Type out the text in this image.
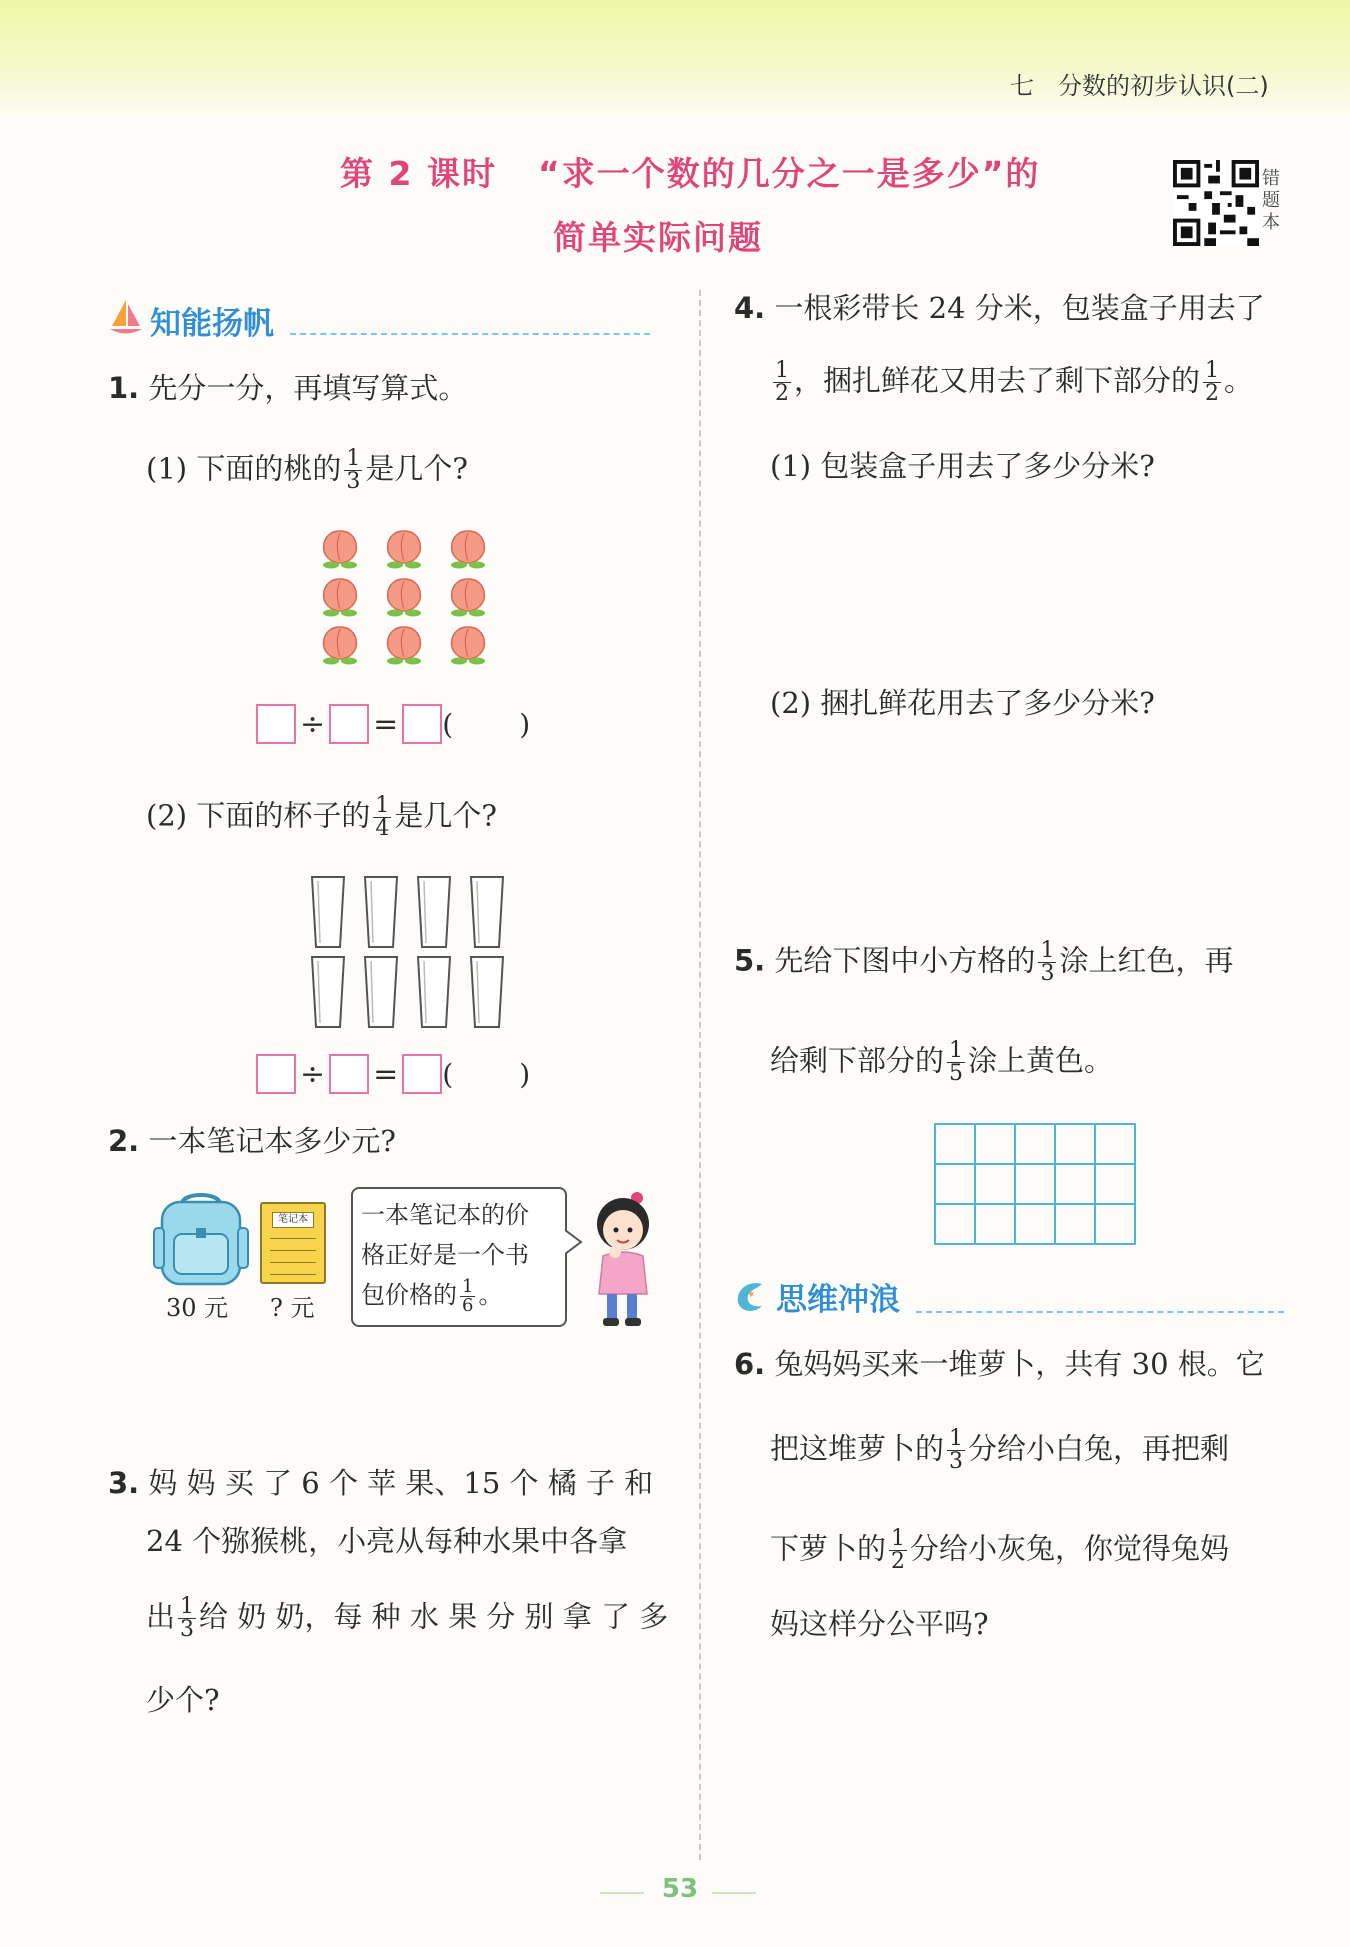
七　分数的初步认识(二)
第 2 课时 “求一个数的几分之一是多少”的
简单实际问题
错题本
知能扬帆
1. 先分一分，再填写算式。
(1) 下面的桃的 $\frac{1}{3}$ 是几个?
÷ = ( )
(2) 下面的杯子的 $\frac{1}{4}$ 是几个?
÷ = ( )
2. 一本笔记本多少元?
笔记本
30 元 ? 元
一本笔记本的价
格正好是一个书
包价格的 $\frac{1}{6}$ 。
3. 妈 妈 买 了 6 个 苹 果、15 个 橘 子 和
24 个猕猴桃，小亮从每种水果中各拿
出 $\frac{1}{3}$ 给 奶 奶，每 种 水 果 分 别 拿 了 多
少个?
4. 一根彩带长 24 分米，包装盒子用去了
$\frac{1}{2}$ ，捆扎鲜花又用去了剩下部分的 $\frac{1}{2}$ 。
(1) 包装盒子用去了多少分米?
(2) 捆扎鲜花用去了多少分米?
5. 先给下图中小方格的 $\frac{1}{3}$ 涂上红色，再
给剩下部分的 $\frac{1}{5}$ 涂上黄色。

思维冲浪
6. 兔妈妈买来一堆萝卜，共有 30 根。它
把这堆萝卜的 $\frac{1}{3}$ 分给小白兔，再把剩
下萝卜的 $\frac{1}{2}$ 分给小灰兔，你觉得兔妈
妈这样分公平吗?
53
